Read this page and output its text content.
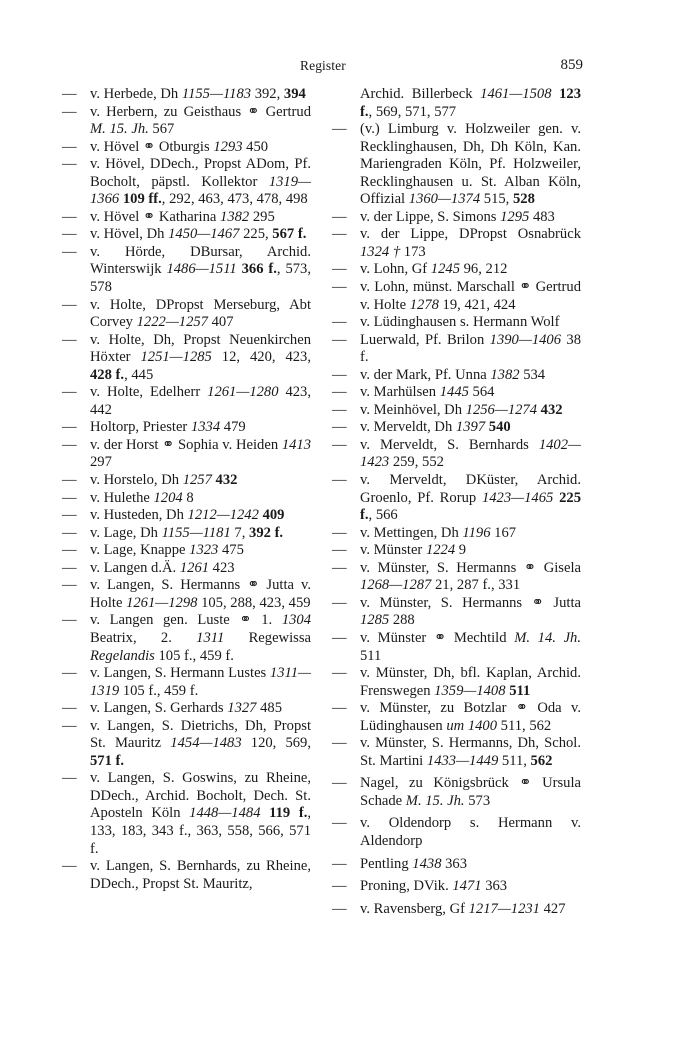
Register	859
— v. Herbede, Dh 1155—1183 392, 394
— v. Herbern, zu Geisthaus ⚭ Gertrud M. 15. Jh. 567
— v. Hövel ⚭ Otburgis 1293 450
— v. Hövel, DDech., Propst ADom, Pf. Bocholt, päpstl. Kollektor 1319—1366 109 ff., 292, 463, 473, 478, 498
— v. Hövel ⚭ Katharina 1382 295
— v. Hövel, Dh 1450—1467 225, 567 f.
— v. Hörde, DBursar, Archid. Winterswijk 1486—1511 366 f., 573, 578
— v. Holte, DPropst Merseburg, Abt Corvey 1222—1257 407
— v. Holte, Dh, Propst Neuenkirchen Höxter 1251—1285 12, 420, 423, 428 f., 445
— v. Holte, Edelherr 1261—1280 423, 442
— Holtorp, Priester 1334 479
— v. der Horst ⚭ Sophia v. Heiden 1413 297
— v. Horstelo, Dh 1257 432
— v. Hulethe 1204 8
— v. Husteden, Dh 1212—1242 409
— v. Lage, Dh 1155—1181 7, 392 f.
— v. Lage, Knappe 1323 475
— v. Langen d.Ä. 1261 423
— v. Langen, S. Hermanns ⚭ Jutta v. Holte 1261—1298 105, 288, 423, 459
— v. Langen gen. Luste ⚭ 1. 1304 Beatrix, 2. 1311 Regewissa Regelandis 105 f., 459 f.
— v. Langen, S. Hermann Lustes 1311—1319 105 f., 459 f.
— v. Langen, S. Gerhards 1327 485
— v. Langen, S. Dietrichs, Dh, Propst St. Mauritz 1454—1483 120, 569, 571 f.
— v. Langen, S. Goswins, zu Rheine, DDech., Archid. Bocholt, Dech. St. Aposteln Köln 1448—1484 119 f., 133, 183, 343 f., 363, 558, 566, 571 f.
— v. Langen, S. Bernhards, zu Rheine, DDech., Propst St. Mauritz,
Archid. Billerbeck 1461—1508 123 f., 569, 571, 577
— (v.) Limburg v. Holzweiler gen. v. Recklinghausen, Dh, Dh Köln, Kan. Mariengraden Köln, Pf. Holzweiler, Recklinghausen u. St. Alban Köln, Offizial 1360—1374 515, 528
— v. der Lippe, S. Simons 1295 483
— v. der Lippe, DPropst Osnabrück 1324 † 173
— v. Lohn, Gf 1245 96, 212
— v. Lohn, münst. Marschall ⚭ Gertrud v. Holte 1278 19, 421, 424
— v. Lüdinghausen s. Hermann Wolf
— Luerwald, Pf. Brilon 1390—1406 38 f.
— v. der Mark, Pf. Unna 1382 534
— v. Marhülsen 1445 564
— v. Meinhövel, Dh 1256—1274 432
— v. Merveldt, Dh 1397 540
— v. Merveldt, S. Bernhards 1402—1423 259, 552
— v. Merveldt, DKüster, Archid. Groenlo, Pf. Rorup 1423—1465 225 f., 566
— v. Mettingen, Dh 1196 167
— v. Münster 1224 9
— v. Münster, S. Hermanns ⚭ Gisela 1268—1287 21, 287 f., 331
— v. Münster, S. Hermanns ⚭ Jutta 1285 288
— v. Münster ⚭ Mechtild M. 14. Jh. 511
— v. Münster, Dh, bfl. Kaplan, Archid. Frenswegen 1359—1408 511
— v. Münster, zu Botzlar ⚭ Oda v. Lüdinghausen um 1400 511, 562
— v. Münster, S. Hermanns, Dh, Schol. St. Martini 1433—1449 511, 562
— Nagel, zu Königsbrück ⚭ Ursula Schade M. 15. Jh. 573
— v. Oldendorp s. Hermann v. Aldendorp
— Pentling 1438 363
— Proning, DVik. 1471 363
— v. Ravensberg, Gf 1217—1231 427
